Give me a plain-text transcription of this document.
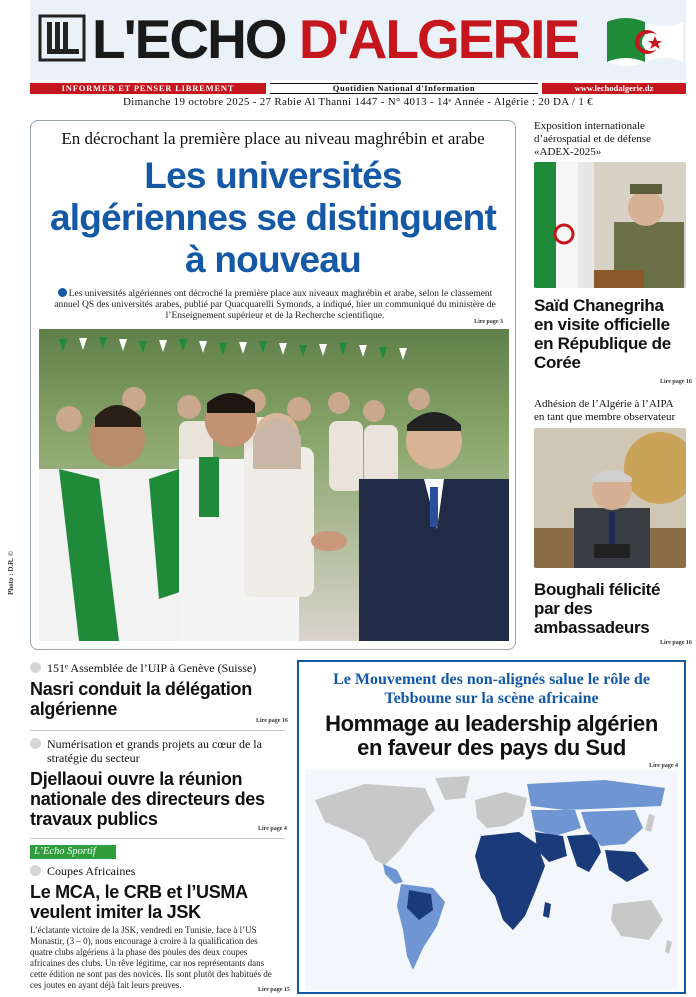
L'ECHO D'ALGERIE
INFORMER ET PENSER LIBREMENT	Quotidien National d'Information	www.lechodalgerie.dz
Dimanche 19 octobre 2025 - 27 Rabie Al Thanni 1447 - N° 4013 - 14ᵉ Année - Algérie : 20 DA / 1 €
En décrochant la première place au niveau maghrébin et arabe
Les universités
algériennes se distinguent
à nouveau
Les universités algériennes ont décroché la première place aux niveaux maghrébin et arabe, selon le classement annuel QS des universités arabes, publié par Quacquarelli Symonds, a indiqué, hier un communiqué du ministère de l’Enseignement supérieur et de la Recherche scientifique.
Lire page 3
Photo : D.R. ©
Exposition internationale d’aérospatial et de défense «ADEX-2025»
Saïd Chanegriha en visite officielle en République de Corée
Lire page 16
Adhésion de l’Algérie à l’AIPA en tant que membre observateur
Boughali félicité par des ambassadeurs
Lire page 16
151ᵉ Assemblée de l’UIP à Genève (Suisse)
Nasri conduit la délégation algérienne
Lire page 16
Numérisation et grands projets au cœur de la stratégie du secteur
Djellaoui ouvre la réunion nationale des directeurs des travaux publics	Lire page 4
L’Echo Sportif
Coupes Africaines
Le MCA, le CRB et l’USMA veulent imiter la JSK
L’éclatante victoire de la JSK, vendredi en Tunisie, face à l’US Monastir, (3 – 0), nous encourage à croire à la qualification des quatre clubs algériens à la phase des poules des deux coupes africaines des clubs. Un rêve légitime, car nos représentants dans cette édition ne sont pas des novices. Ils sont plutôt des habitués de ces joutes en ayant déjà fait leurs preuves.	Lire page 15
Le Mouvement des non-alignés salue le rôle de Tebboune sur la scène africaine
Hommage au leadership algérien
en faveur des pays du Sud
Lire page 4
